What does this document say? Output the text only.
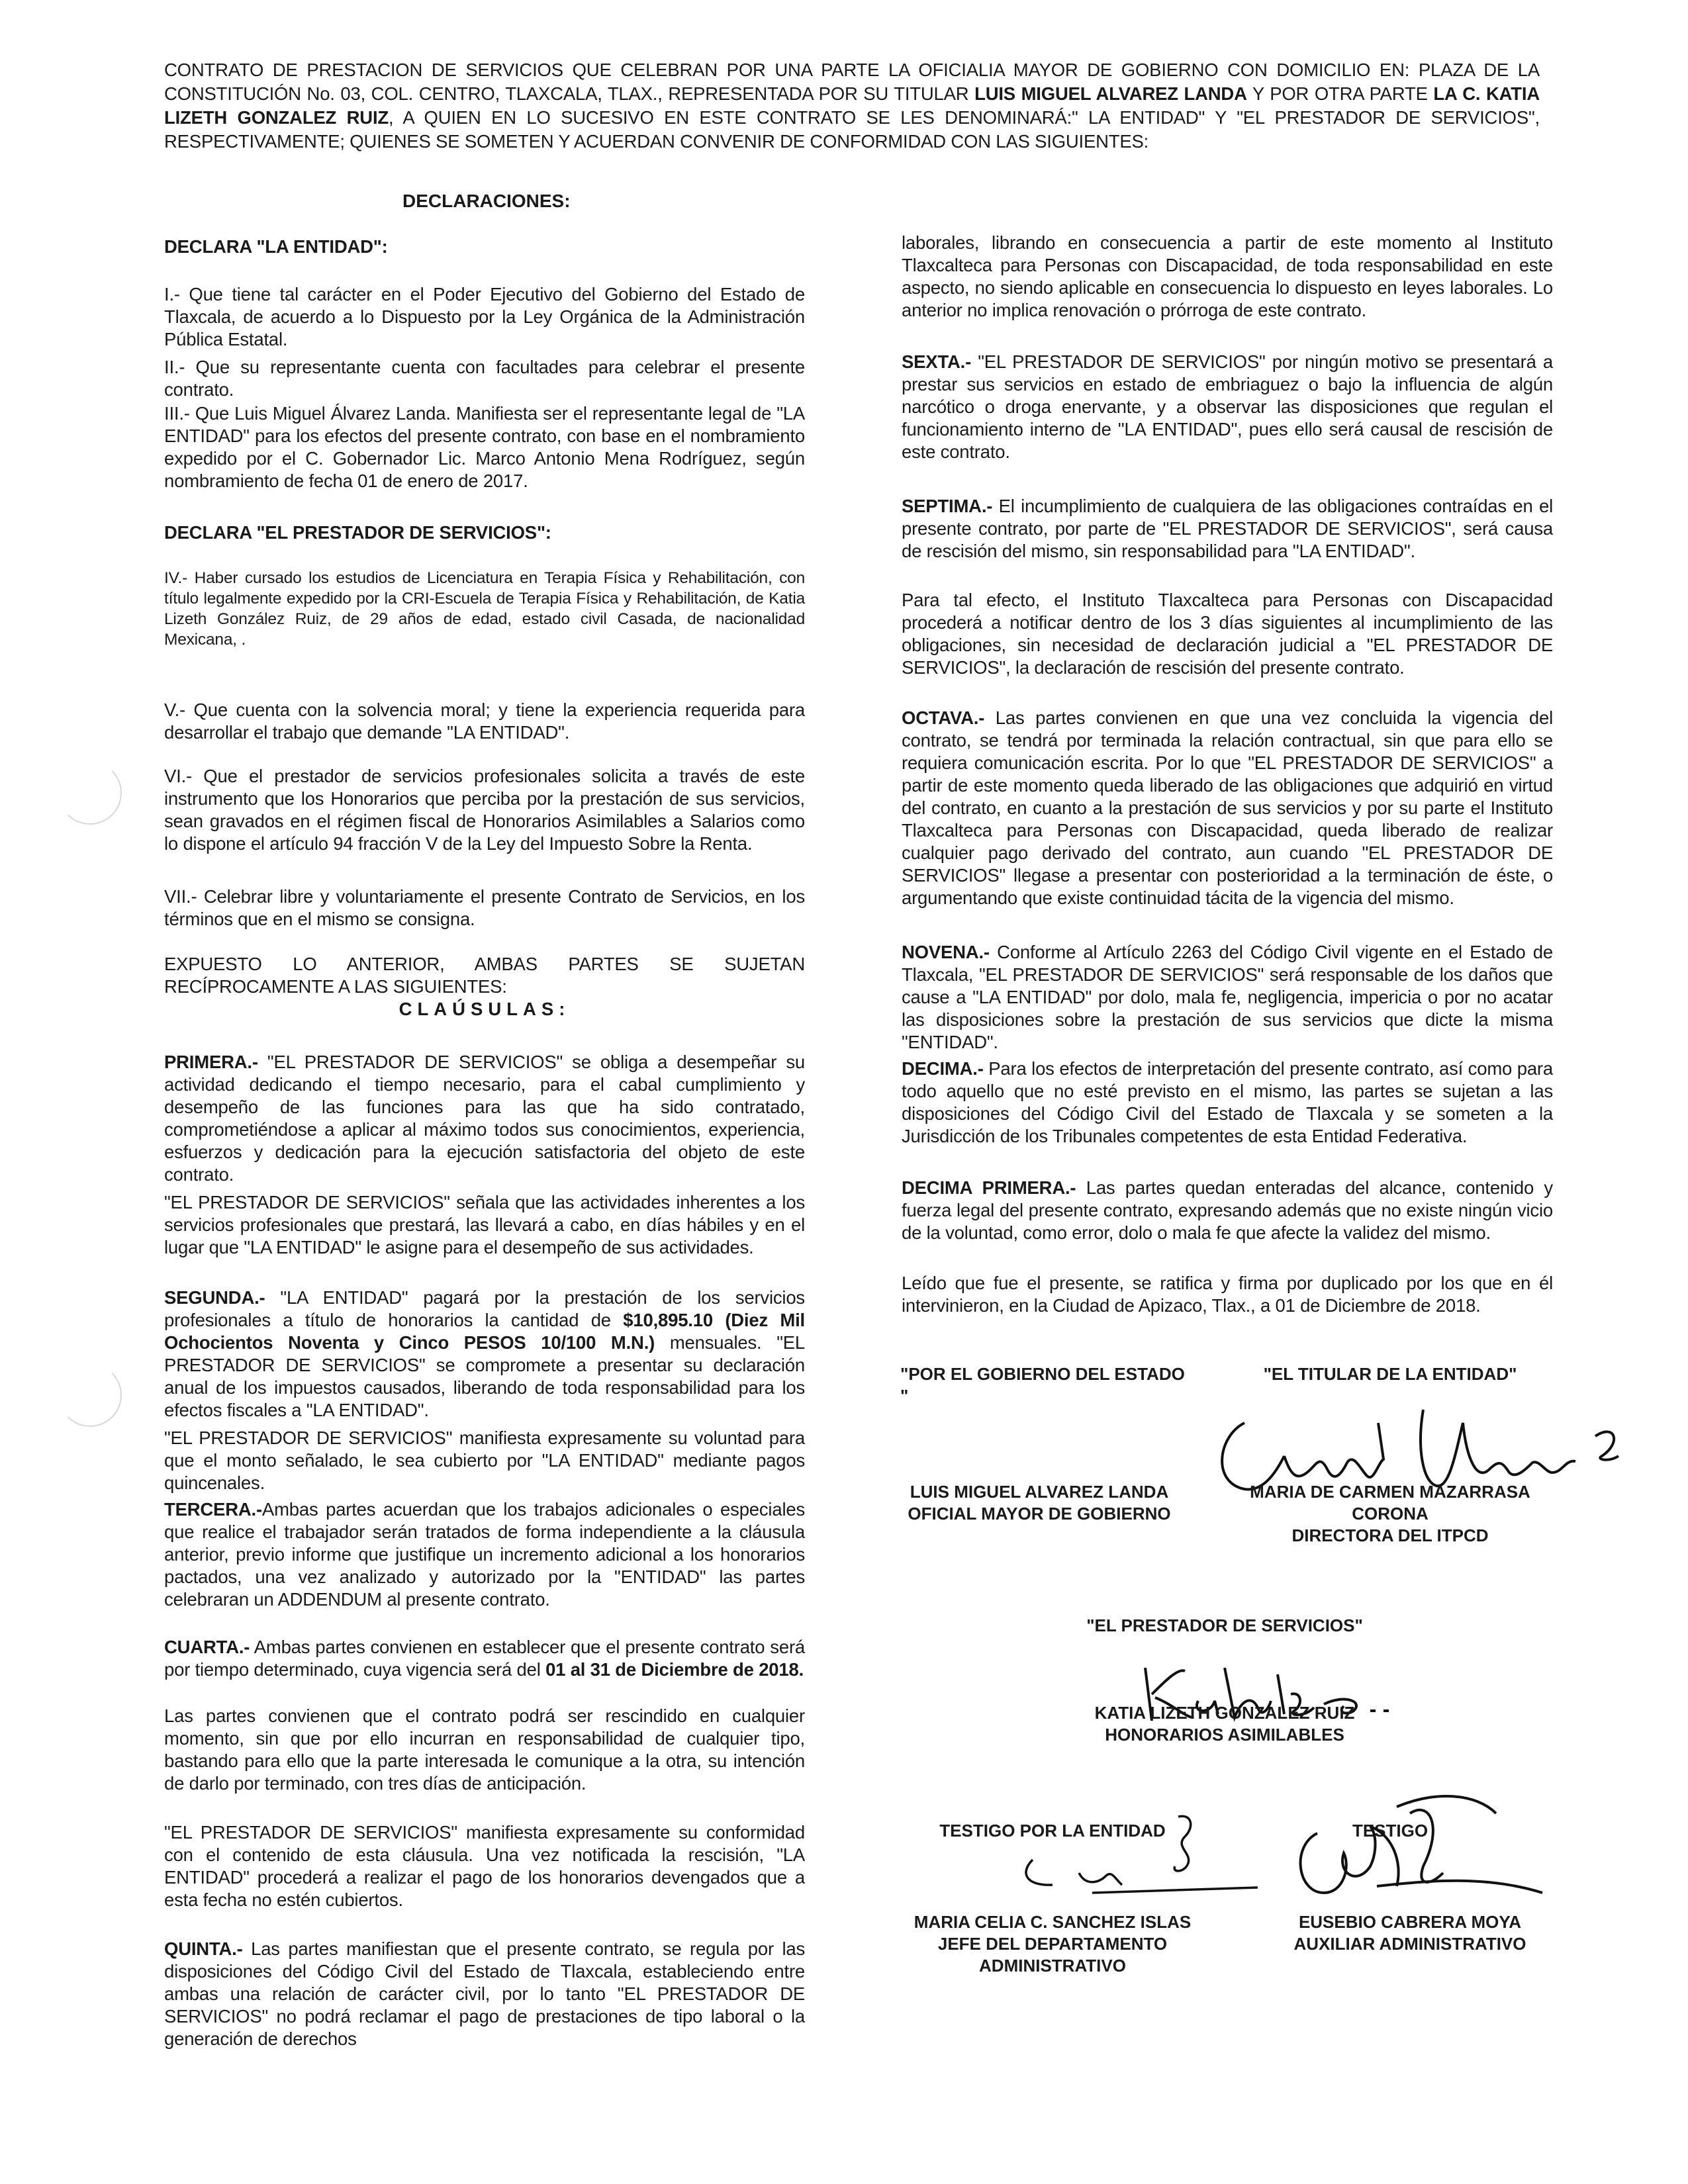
CONTRATO DE PRESTACION DE SERVICIOS QUE CELEBRAN POR UNA PARTE LA OFICIALIA MAYOR DE GOBIERNO CON DOMICILIO EN: PLAZA DE LA CONSTITUCIÓN No. 03, COL. CENTRO, TLAXCALA, TLAX., REPRESENTADA POR SU TITULAR LUIS MIGUEL ALVAREZ LANDA Y POR OTRA PARTE LA C. KATIA LIZETH GONZALEZ RUIZ, A QUIEN EN LO SUCESIVO EN ESTE CONTRATO SE LES DENOMINARÁ:" LA ENTIDAD" Y "EL PRESTADOR DE SERVICIOS", RESPECTIVAMENTE; QUIENES SE SOMETEN Y ACUERDAN CONVENIR DE CONFORMIDAD CON LAS SIGUIENTES:
DECLARACIONES:

DECLARA "LA ENTIDAD":

I.- Que tiene tal carácter en el Poder Ejecutivo del Gobierno del Estado de Tlaxcala, de acuerdo a lo Dispuesto por la Ley Orgánica de la Administración Pública Estatal.

II.- Que su representante cuenta con facultades para celebrar el presente contrato.

III.- Que Luis Miguel Álvarez Landa. Manifiesta ser el representante legal de "LA ENTIDAD" para los efectos del presente contrato, con base en el nombramiento expedido por el C. Gobernador Lic. Marco Antonio Mena Rodríguez, según nombramiento de fecha 01 de enero de 2017.

DECLARA "EL PRESTADOR DE SERVICIOS":

IV.- Haber cursado los estudios de Licenciatura en Terapia Física y Rehabilitación, con título legalmente expedido por la CRI-Escuela de Terapia Física y Rehabilitación, de Katia Lizeth González Ruiz, de 29 años de edad, estado civil Casada, de nacionalidad Mexicana, .

V.- Que cuenta con la solvencia moral; y tiene la experiencia requerida para desarrollar el trabajo que demande "LA ENTIDAD".

VI.- Que el prestador de servicios profesionales solicita a través de este instrumento que los Honorarios que perciba por la prestación de sus servicios, sean gravados en el régimen fiscal de Honorarios Asimilables a Salarios como lo dispone el artículo 94 fracción V de la Ley del Impuesto Sobre la Renta.

VII.- Celebrar libre y voluntariamente el presente Contrato de Servicios, en los términos que en el mismo se consigna.

EXPUESTO LO ANTERIOR, AMBAS PARTES SE SUJETAN RECÍPROCAMENTE A LAS SIGUIENTES:

CLAÚSULAS:

PRIMERA.- "EL PRESTADOR DE SERVICIOS" se obliga a desempeñar su actividad dedicando el tiempo necesario, para el cabal cumplimiento y desempeño de las funciones para las que ha sido contratado, comprometiéndose a aplicar al máximo todos sus conocimientos, experiencia, esfuerzos y dedicación para la ejecución satisfactoria del objeto de este contrato.

"EL PRESTADOR DE SERVICIOS" señala que las actividades inherentes a los servicios profesionales que prestará, las llevará a cabo, en días hábiles y en el lugar que "LA ENTIDAD" le asigne para el desempeño de sus actividades.

SEGUNDA.- "LA ENTIDAD" pagará por la prestación de los servicios profesionales a título de honorarios la cantidad de $10,895.10 (Diez Mil Ochocientos Noventa y Cinco PESOS 10/100 M.N.) mensuales. "EL PRESTADOR DE SERVICIOS" se compromete a presentar su declaración anual de los impuestos causados, liberando de toda responsabilidad para los efectos fiscales a "LA ENTIDAD".

"EL PRESTADOR DE SERVICIOS" manifiesta expresamente su voluntad para que el monto señalado, le sea cubierto por "LA ENTIDAD" mediante pagos quincenales.

TERCERA.-Ambas partes acuerdan que los trabajos adicionales o especiales que realice el trabajador serán tratados de forma independiente a la cláusula anterior, previo informe que justifique un incremento adicional a los honorarios pactados, una vez analizado y autorizado por la "ENTIDAD" las partes celebraran un ADDENDUM al presente contrato.

CUARTA.- Ambas partes convienen en establecer que el presente contrato será por tiempo determinado, cuya vigencia será del 01 al 31 de Diciembre de 2018.

Las partes convienen que el contrato podrá ser rescindido en cualquier momento, sin que por ello incurran en responsabilidad de cualquier tipo, bastando para ello que la parte interesada le comunique a la otra, su intención de darlo por terminado, con tres días de anticipación.

"EL PRESTADOR DE SERVICIOS" manifiesta expresamente su conformidad con el contenido de esta cláusula. Una vez notificada la rescisión, "LA ENTIDAD" procederá a realizar el pago de los honorarios devengados que a esta fecha no estén cubiertos.

QUINTA.- Las partes manifiestan que el presente contrato, se regula por las disposiciones del Código Civil del Estado de Tlaxcala, estableciendo entre ambas una relación de carácter civil, por lo tanto "EL PRESTADOR DE SERVICIOS" no podrá reclamar el pago de prestaciones de tipo laboral o la generación de derechos

laborales, librando en consecuencia a partir de este momento al Instituto Tlaxcalteca para Personas con Discapacidad, de toda responsabilidad en este aspecto, no siendo aplicable en consecuencia lo dispuesto en leyes laborales. Lo anterior no implica renovación o prórroga de este contrato.

SEXTA.- "EL PRESTADOR DE SERVICIOS" por ningún motivo se presentará a prestar sus servicios en estado de embriaguez o bajo la influencia de algún narcótico o droga enervante, y a observar las disposiciones que regulan el funcionamiento interno de "LA ENTIDAD", pues ello será causal de rescisión de este contrato.

SEPTIMA.- El incumplimiento de cualquiera de las obligaciones contraídas en el presente contrato, por parte de "EL PRESTADOR DE SERVICIOS", será causa de rescisión del mismo, sin responsabilidad para "LA ENTIDAD".

Para tal efecto, el Instituto Tlaxcalteca para Personas con Discapacidad procederá a notificar dentro de los 3 días siguientes al incumplimiento de las obligaciones, sin necesidad de declaración judicial a "EL PRESTADOR DE SERVICIOS", la declaración de rescisión del presente contrato.

OCTAVA.- Las partes convienen en que una vez concluida la vigencia del contrato, se tendrá por terminada la relación contractual, sin que para ello se requiera comunicación escrita. Por lo que "EL PRESTADOR DE SERVICIOS" a partir de este momento queda liberado de las obligaciones que adquirió en virtud del contrato, en cuanto a la prestación de sus servicios y por su parte el Instituto Tlaxcalteca para Personas con Discapacidad, queda liberado de realizar cualquier pago derivado del contrato, aun cuando "EL PRESTADOR DE SERVICIOS" llegase a presentar con posterioridad a la terminación de éste, o argumentando que existe continuidad tácita de la vigencia del mismo.

NOVENA.- Conforme al Artículo 2263 del Código Civil vigente en el Estado de Tlaxcala, "EL PRESTADOR DE SERVICIOS" será responsable de los daños que cause a "LA ENTIDAD" por dolo, mala fe, negligencia, impericia o por no acatar las disposiciones sobre la prestación de sus servicios que dicte la misma "ENTIDAD".

DECIMA.- Para los efectos de interpretación del presente contrato, así como para todo aquello que no esté previsto en el mismo, las partes se sujetan a las disposiciones del Código Civil del Estado de Tlaxcala y se someten a la Jurisdicción de los Tribunales competentes de esta Entidad Federativa.

DECIMA PRIMERA.- Las partes quedan enteradas del alcance, contenido y fuerza legal del presente contrato, expresando además que no existe ningún vicio de la voluntad, como error, dolo o mala fe que afecte la validez del mismo.

Leído que fue el presente, se ratifica y firma por duplicado por los que en él intervinieron, en la Ciudad de Apizaco, Tlax., a 01 de Diciembre de 2018.

"POR EL GOBIERNO DEL ESTADO "
"EL TITULAR DE LA ENTIDAD"
LUIS MIGUEL ALVAREZ LANDA
OFICIAL MAYOR DE GOBIERNO
MARIA DE CARMEN MAZARRASA
CORONA
DIRECTORA DEL ITPCD
"EL PRESTADOR DE SERVICIOS"
KATIA LIZETH GONZALEZ RUIZ
HONORARIOS ASIMILABLES
TESTIGO POR LA ENTIDAD	TESTIGO
MARIA CELIA C. SANCHEZ ISLAS
JEFE DEL DEPARTAMENTO
ADMINISTRATIVO
EUSEBIO CABRERA MOYA
AUXILIAR ADMINISTRATIVO
